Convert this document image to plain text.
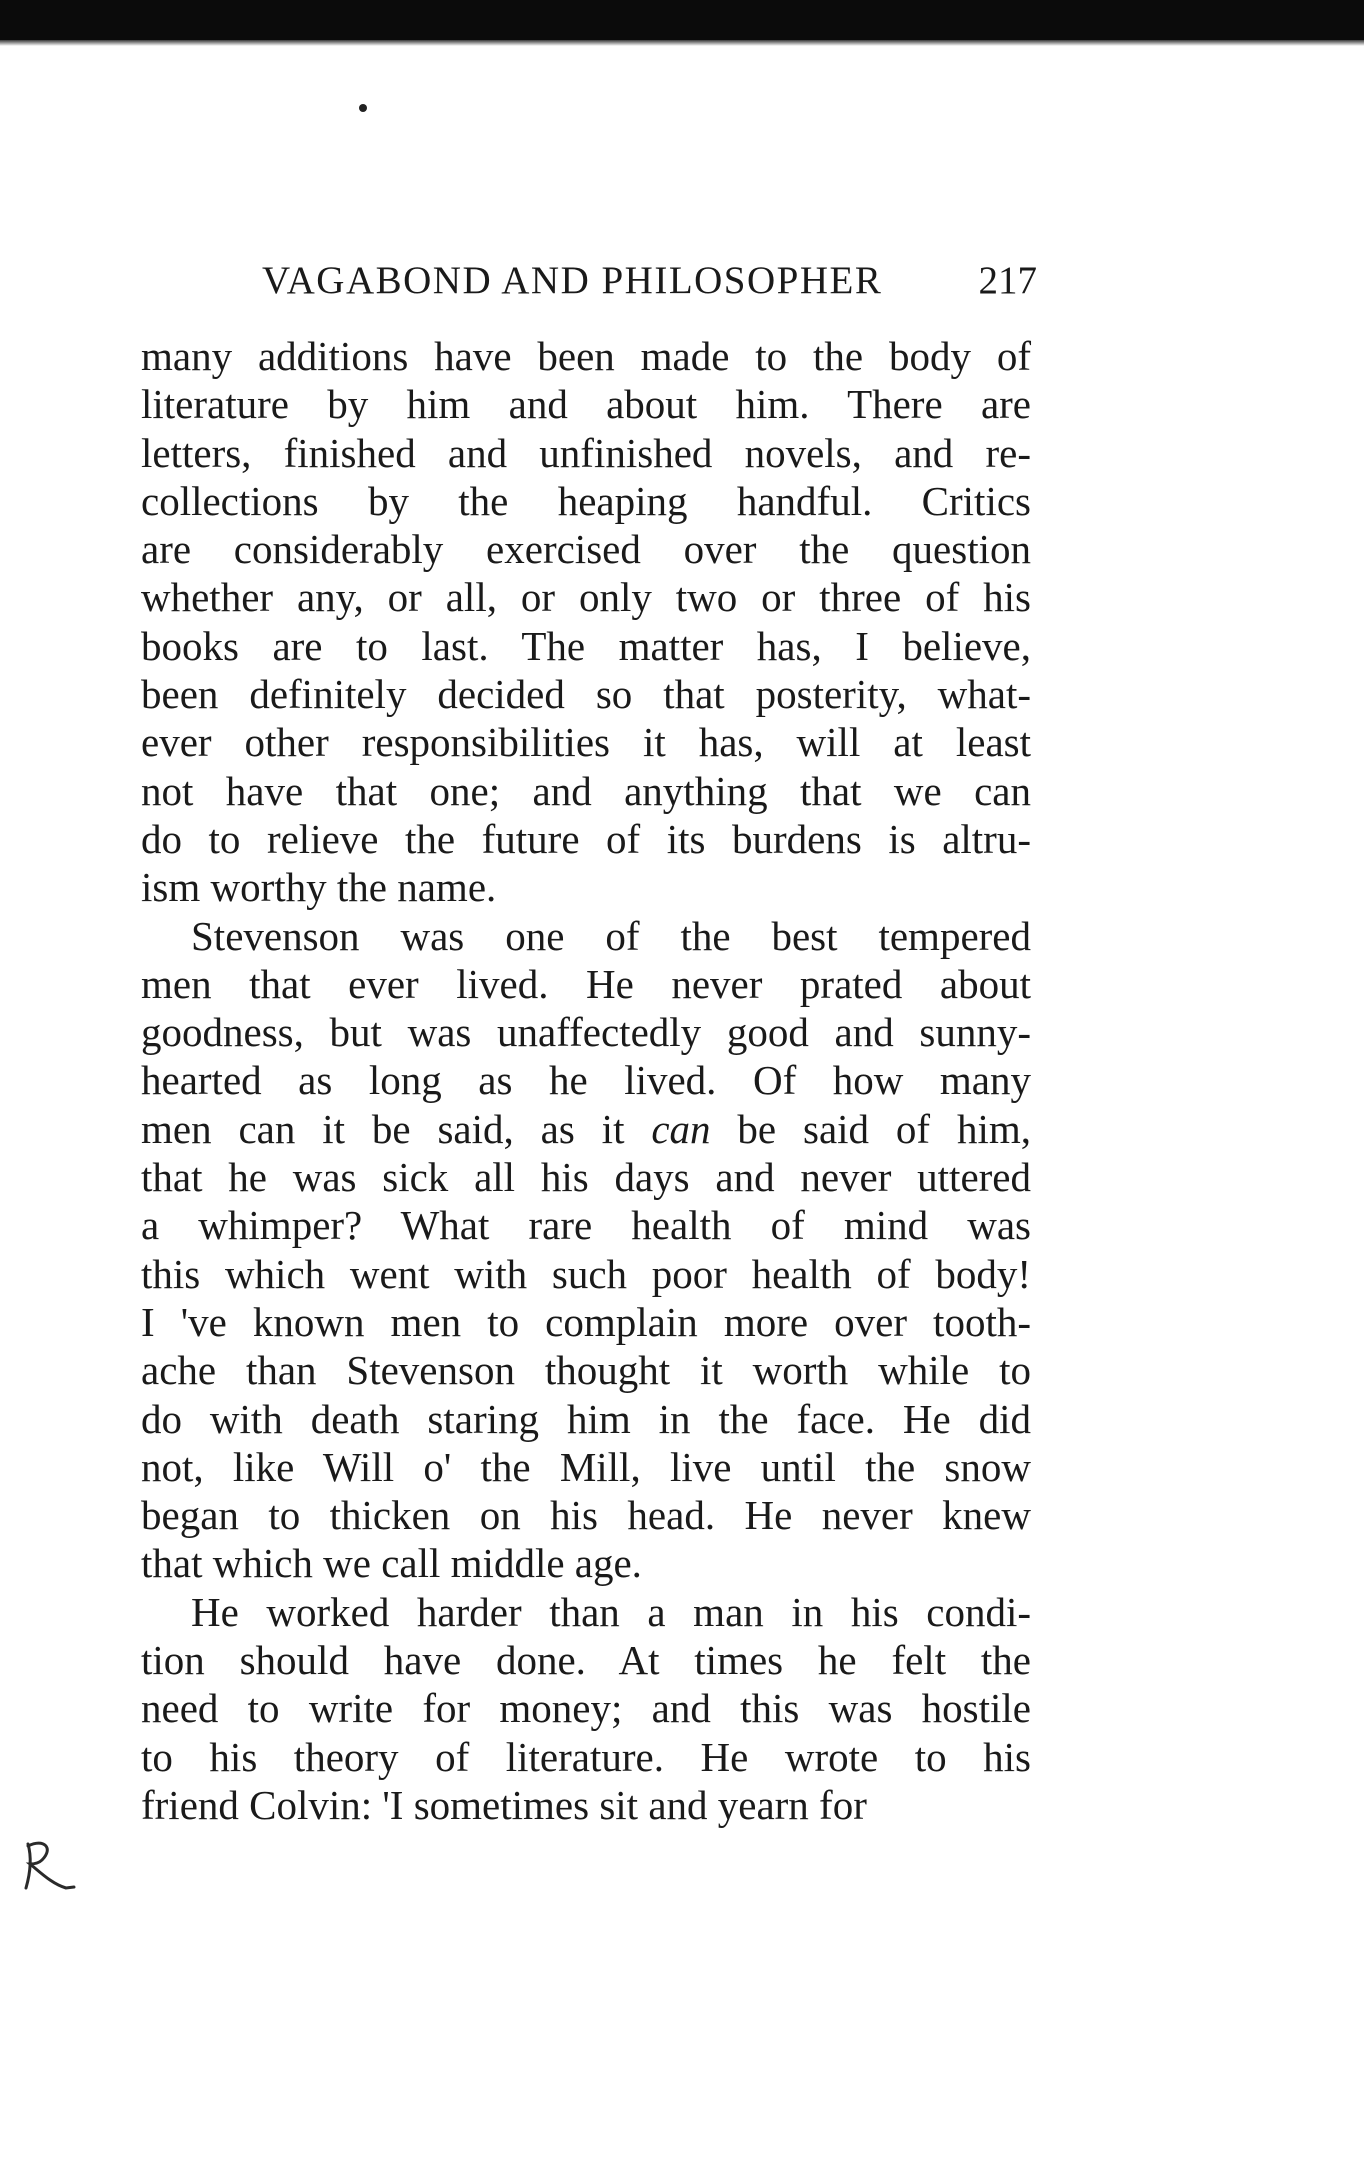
VAGABOND AND PHILOSOPHER 217
many additions have been made to the body of
literature by him and about him. There are
letters, finished and unfinished novels, and re-
collections by the heaping handful. Critics
are considerably exercised over the question
whether any, or all, or only two or three of his
books are to last. The matter has, I believe,
been definitely decided so that posterity, what-
ever other responsibilities it has, will at least
not have that one; and anything that we can
do to relieve the future of its burdens is altru-
ism worthy the name.
Stevenson was one of the best tempered
men that ever lived. He never prated about
goodness, but was unaffectedly good and sunny-
hearted as long as he lived. Of how many
men can it be said, as it can be said of him,
that he was sick all his days and never uttered
a whimper? What rare health of mind was
this which went with such poor health of body!
I 've known men to complain more over tooth-
ache than Stevenson thought it worth while to
do with death staring him in the face. He did
not, like Will o' the Mill, live until the snow
began to thicken on his head. He never knew
that which we call middle age.
He worked harder than a man in his condi-
tion should have done. At times he felt the
need to write for money; and this was hostile
to his theory of literature. He wrote to his
friend Colvin: 'I sometimes sit and yearn for
